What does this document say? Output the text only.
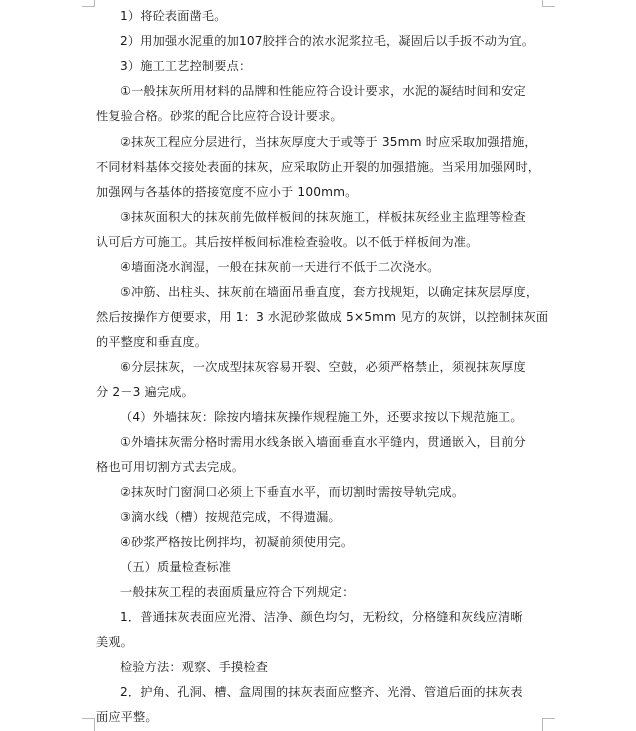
1）将砼表面凿毛。
2）用加强水泥重的加107胶拌合的浓水泥浆拉毛，凝固后以手扳不动为宜。
3）施工工艺控制要点：
①一般抹灰所用材料的品牌和性能应符合设计要求，水泥的凝结时间和安定
性复验合格。砂浆的配合比应符合设计要求。
②抹灰工程应分层进行，当抹灰厚度大于或等于 35mm 时应采取加强措施，
不同材料基体交接处表面的抹灰，应采取防止开裂的加强措施。当采用加强网时，
加强网与各基体的搭接宽度不应小于 100mm。
③抹灰面积大的抹灰前先做样板间的抹灰施工，样板抹灰经业主监理等检查
认可后方可施工。其后按样板间标准检查验收。以不低于样板间为准。
④墙面浇水润湿，一般在抹灰前一天进行不低于二次浇水。
⑤冲筋、出柱头、抹灰前在墙面吊垂直度，套方找规矩，以确定抹灰层厚度，
然后按操作方便要求，用 1：3 水泥砂浆做成 5×5mm 见方的灰饼，以控制抹灰面
的平整度和垂直度。
⑥分层抹灰，一次成型抹灰容易开裂、空鼓，必须严格禁止，须视抹灰厚度
分 2－3 遍完成。
（4）外墙抹灰：除按内墙抹灰操作规程施工外，还要求按以下规范施工。
①外墙抹灰需分格时需用水线条嵌入墙面垂直水平缝内，贯通嵌入，目前分
格也可用切割方式去完成。
②抹灰时门窗洞口必须上下垂直水平，而切割时需按导轨完成。
③滴水线（槽）按规范完成，不得遗漏。
④砂浆严格按比例拌均，初凝前须使用完。
（五）质量检查标准
一般抹灰工程的表面质量应符合下列规定：
1．普通抹灰表面应光滑、洁净、颜色均匀，无粉纹，分格缝和灰线应清晰
美观。
检验方法：观察、手摸检查
2．护角、孔洞、槽、盒周围的抹灰表面应整齐、光滑、管道后面的抹灰表
面应平整。
